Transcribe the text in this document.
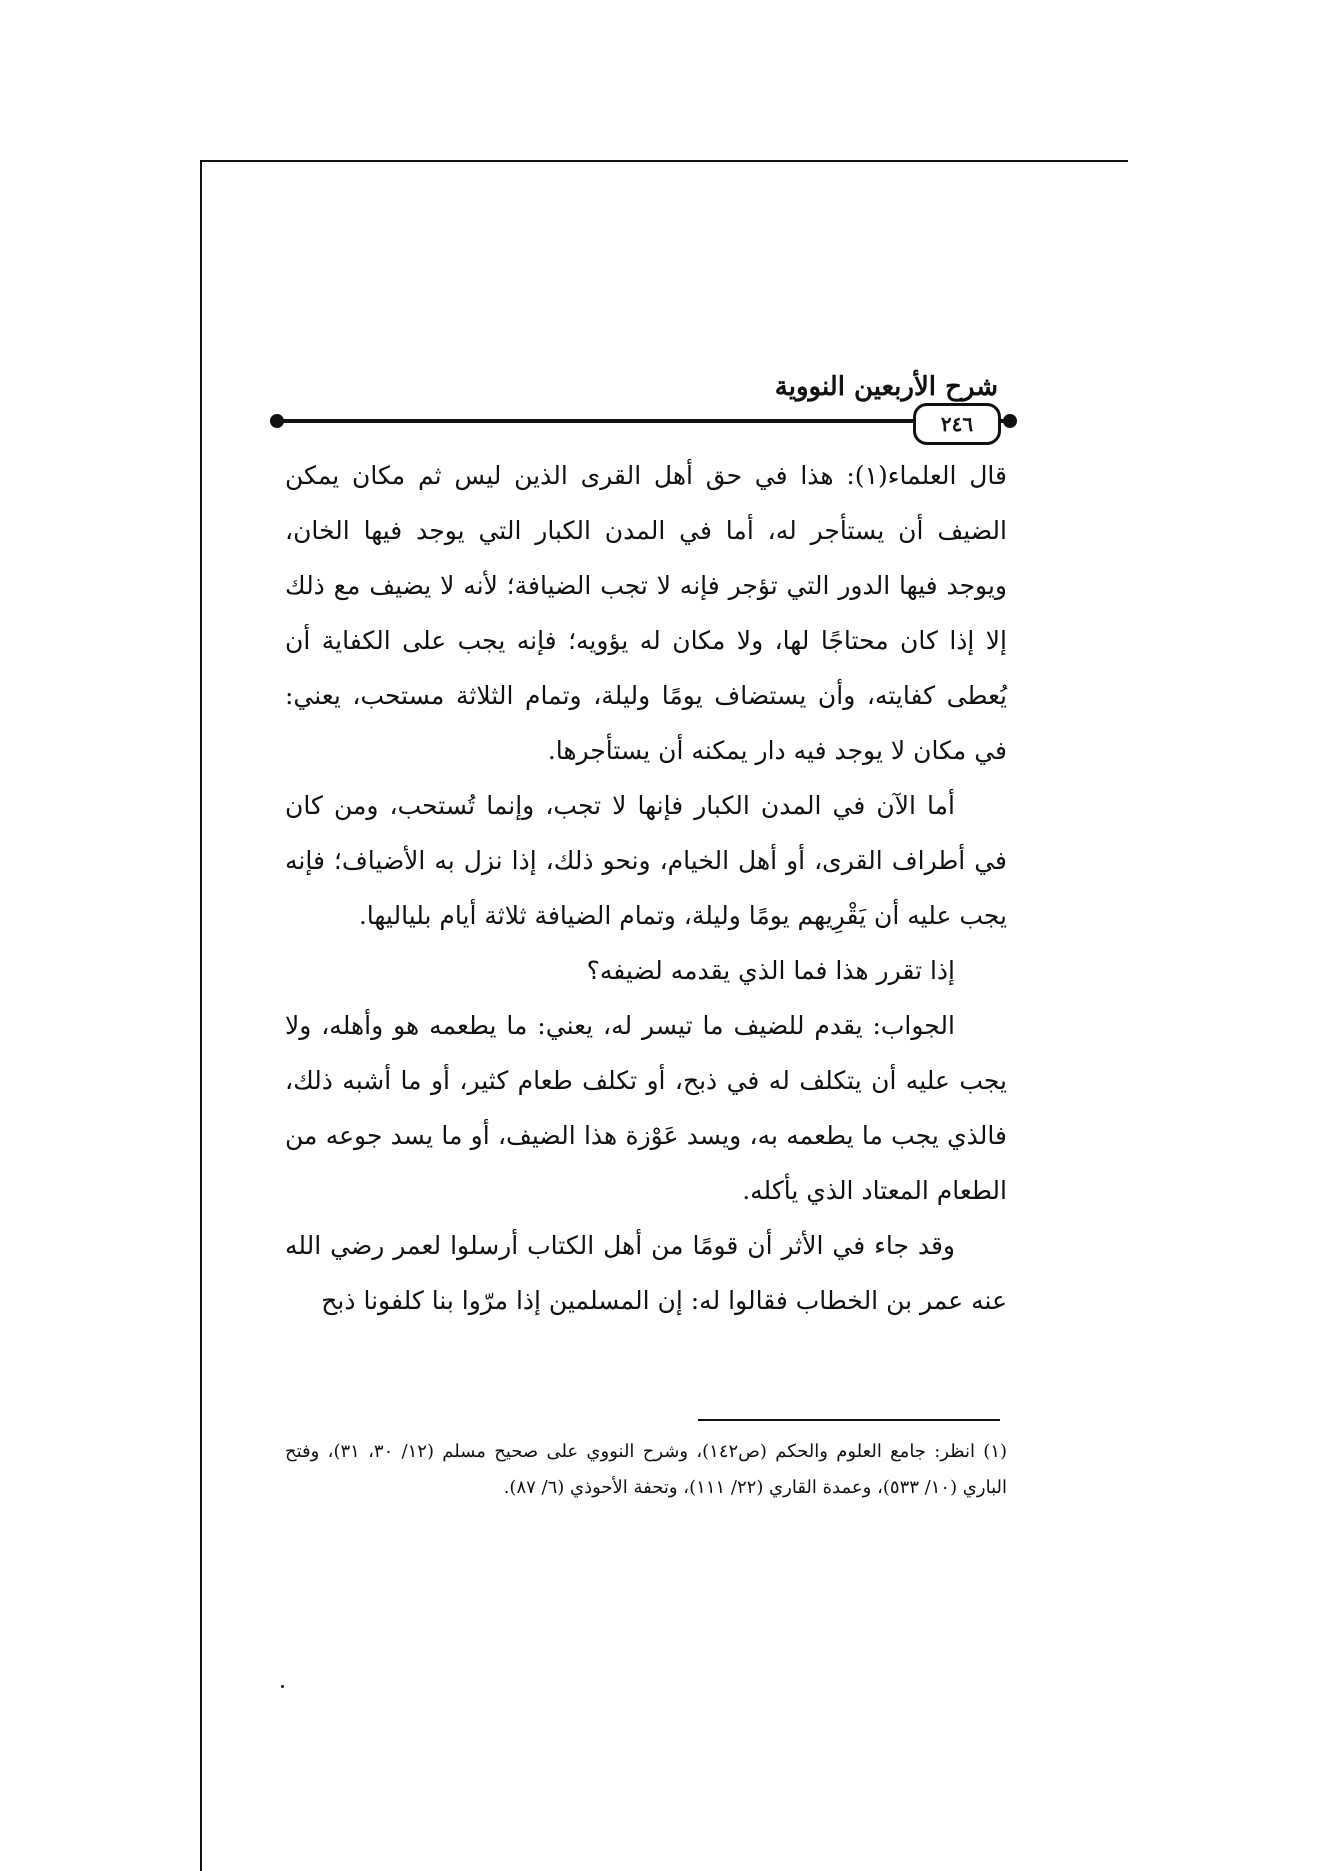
شرح الأربعين النووية
٢٤٦

قال العلماء(١): هذا في حق أهل القرى الذين ليس ثم مكان يمكن الضيف أن يستأجر له، أما في المدن الكبار التي يوجد فيها الخان، ويوجد فيها الدور التي تؤجر فإنه لا تجب الضيافة؛ لأنه لا يضيف مع ذلك إلا إذا كان محتاجًا لها، ولا مكان له يؤويه؛ فإنه يجب على الكفاية أن يُعطى كفايته، وأن يستضاف يومًا وليلة، وتمام الثلاثة مستحب، يعني: في مكان لا يوجد فيه دار يمكنه أن يستأجرها.

أما الآن في المدن الكبار فإنها لا تجب، وإنما تُستحب، ومن كان في أطراف القرى، أو أهل الخيام، ونحو ذلك، إذا نزل به الأضياف؛ فإنه يجب عليه أن يَقْرِيهم يومًا وليلة، وتمام الضيافة ثلاثة أيام بلياليها.

إذا تقرر هذا فما الذي يقدمه لضيفه؟

الجواب: يقدم للضيف ما تيسر له، يعني: ما يطعمه هو وأهله، ولا يجب عليه أن يتكلف له في ذبح، أو تكلف طعام كثير، أو ما أشبه ذلك، فالذي يجب ما يطعمه به، ويسد عَوْزة هذا الضيف، أو ما يسد جوعه من الطعام المعتاد الذي يأكله.

وقد جاء في الأثر أن قومًا من أهل الكتاب أرسلوا لعمر رضي الله عنه عمر بن الخطاب فقالوا له: إن المسلمين إذا مرّوا بنا كلفونا ذبح

(١) انظر: جامع العلوم والحكم (ص١٤٢)، وشرح النووي على صحيح مسلم (١٢/ ٣٠، ٣١)، وفتح الباري (١٠/ ٥٣٣)، وعمدة القاري (٢٢/ ١١١)، وتحفة الأحوذي (٦/ ٨٧).
